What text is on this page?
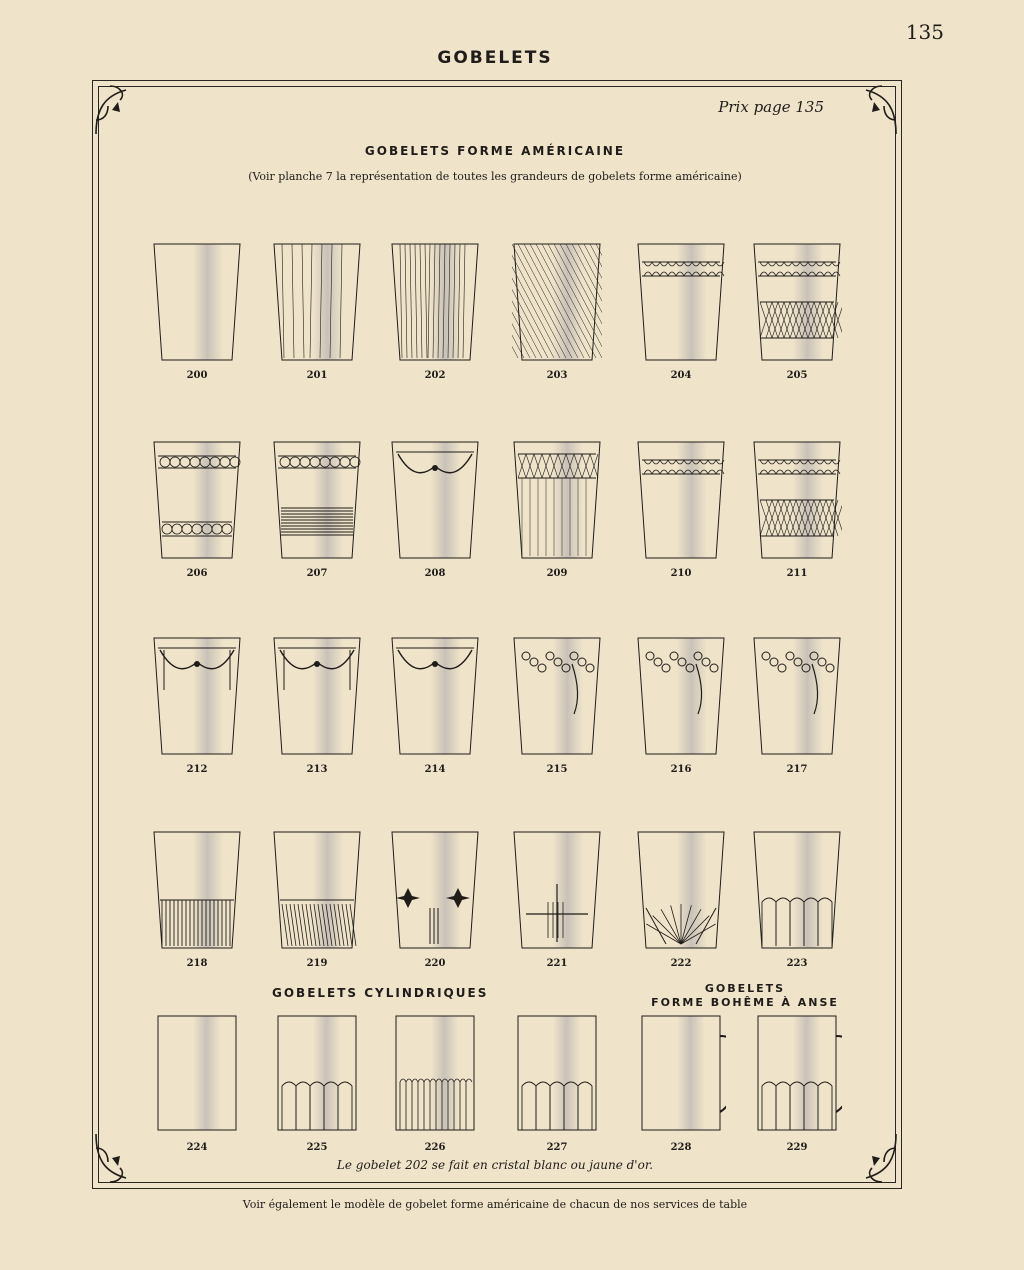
135
GOBELETS
Prix page 135
GOBELETS FORME AMÉRICAINE
(Voir planche 7 la représentation de toutes les grandeurs de gobelets forme américaine)
200	201	202	203	204	205
206	207	208	209	210	211
212	213	214	215	216	217
218	219	220	221	222	223
224	225	226	227	228	229
GOBELETS CYLINDRIQUES	GOBELETS
FORME BOHÊME À ANSE
Le gobelet 202 se fait en cristal blanc ou jaune d'or.
Voir également le modèle de gobelet forme américaine de chacun de nos services de table
